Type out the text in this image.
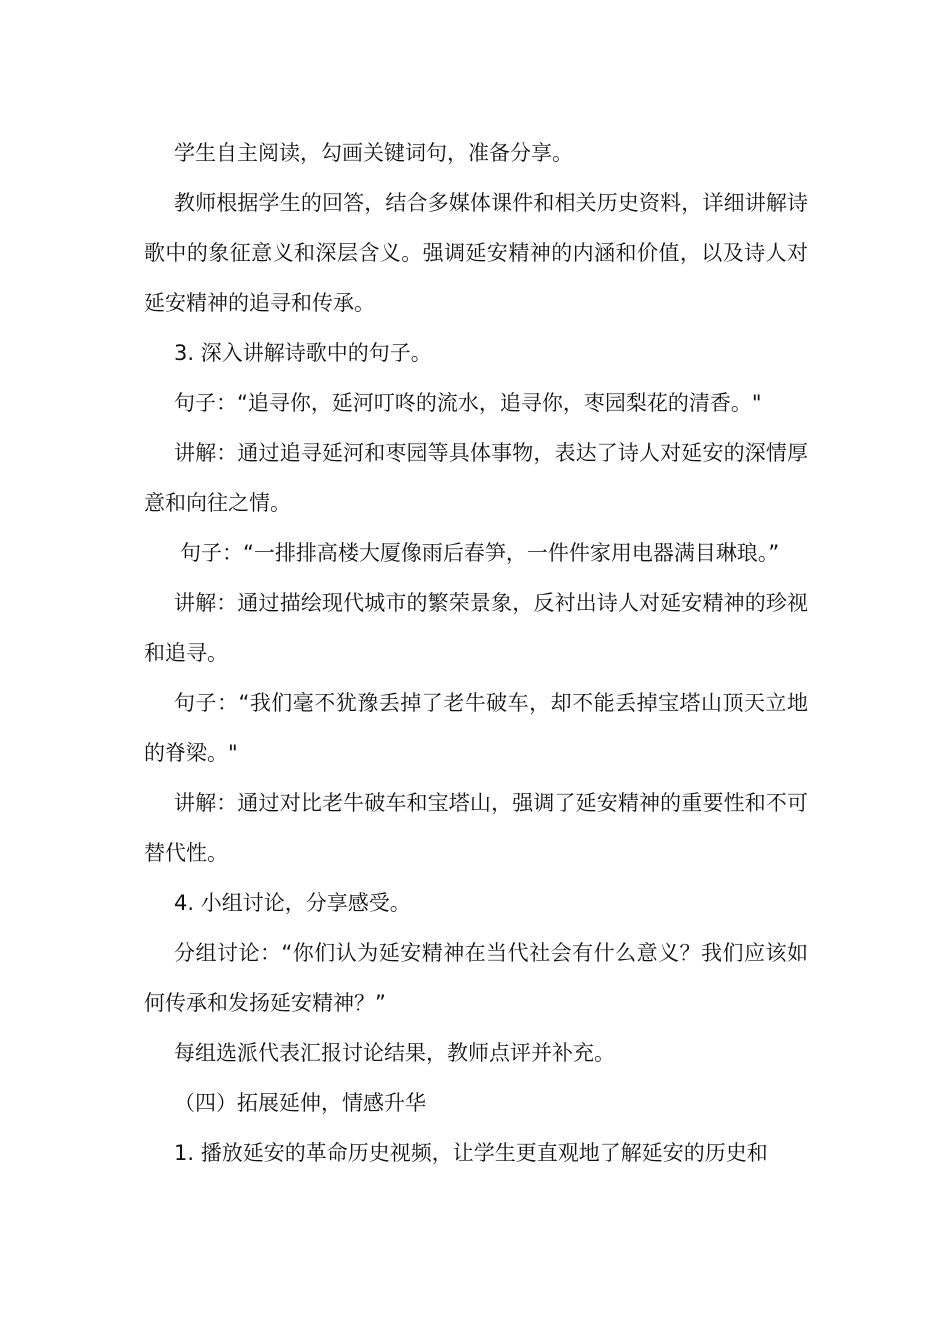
学生自主阅读，勾画关键词句，准备分享。

教师根据学生的回答，结合多媒体课件和相关历史资料，详细讲解诗歌中的象征意义和深层含义。强调延安精神的内涵和价值，以及诗人对延安精神的追寻和传承。

3. 深入讲解诗歌中的句子。

句子：“追寻你，延河叮咚的流水，追寻你，枣园梨花的清香。"

讲解：通过追寻延河和枣园等具体事物，表达了诗人对延安的深情厚意和向往之情。

句子：“一排排高楼大厦像雨后春笋，一件件家用电器满目琳琅。”

讲解：通过描绘现代城市的繁荣景象，反衬出诗人对延安精神的珍视和追寻。

句子：“我们毫不犹豫丢掉了老牛破车，却不能丢掉宝塔山顶天立地的脊梁。"

讲解：通过对比老牛破车和宝塔山，强调了延安精神的重要性和不可替代性。

4. 小组讨论，分享感受。

分组讨论：“你们认为延安精神在当代社会有什么意义？我们应该如何传承和发扬延安精神？”

每组选派代表汇报讨论结果，教师点评并补充。

（四）拓展延伸，情感升华

1. 播放延安的革命历史视频，让学生更直观地了解延安的历史和
